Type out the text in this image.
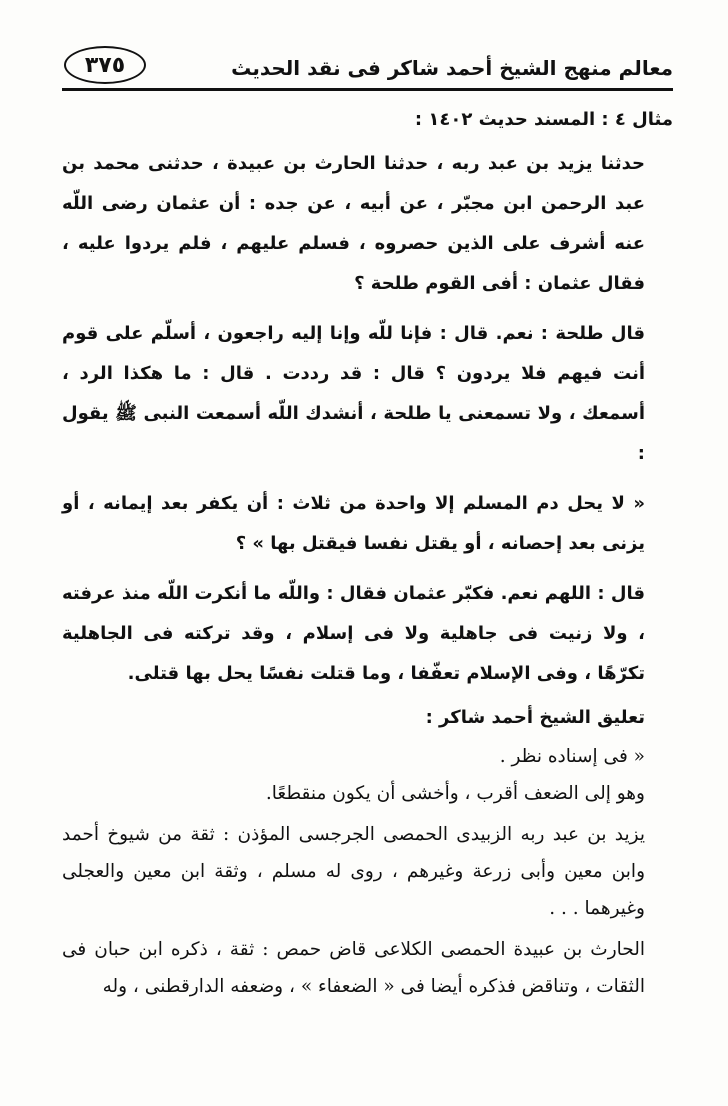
معالم منهج الشيخ أحمد شاكر فى نقد الحديث
٣٧٥

مثال ٤ : المسند حديث ١٤٠٢ :

حدثنا يزيد بن عبد ربه ، حدثنا الحارث بن عبيدة ، حدثنى محمد بن عبد الرحمن ابن مجبّر ، عن أبيه ، عن جده : أن عثمان رضى اللّه عنه أشرف على الذين حصروه ، فسلم عليهم ، فلم يردوا عليه ، فقال عثمان : أفى القوم طلحة ؟

قال طلحة : نعم. قال : فإنا للّه وإنا إليه راجعون ، أسلّم على قوم أنت فيهم فلا يردون ؟ قال : قد رددت . قال : ما هكذا الرد ، أسمعك ، ولا تسمعنى يا طلحة ، أنشدك اللّه أسمعت النبى ﷺ يقول :

« لا يحل دم المسلم إلا واحدة من ثلاث : أن يكفر بعد إيمانه ، أو يزنى بعد إحصانه ، أو يقتل نفسا فيقتل بها » ؟

قال : اللهم نعم. فكبّر عثمان فقال : واللّه ما أنكرت اللّه منذ عرفته ، ولا زنيت فى جاهلية ولا فى إسلام ، وقد تركته فى الجاهلية تكرّهًا ، وفى الإسلام تعفّفا ، وما قتلت نفسًا يحل بها قتلى.

تعليق الشيخ أحمد شاكر :

« فى إسناده نظر .

وهو إلى الضعف أقرب ، وأخشى أن يكون منقطعًا.

يزيد بن عبد ربه الزبيدى الحمصى الجرجسى المؤذن : ثقة من شيوخ أحمد وابن معين وأبى زرعة وغيرهم ، روى له مسلم ، وثقة ابن معين والعجلى وغيرهما . . .

الحارث بن عبيدة الحمصى الكلاعى قاض حمص : ثقة ، ذكره ابن حبان فى الثقات ، وتناقض فذكره أيضا فى « الضعفاء » ، وضعفه الدارقطنى ، وله
